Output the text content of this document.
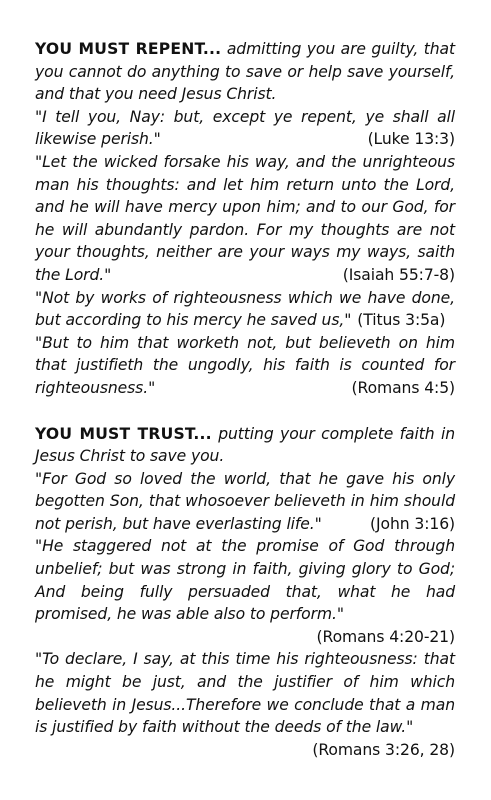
YOU MUST REPENT... admitting you are guilty, that you cannot do anything to save or help save yourself, and that you need Jesus Christ.

"I tell you, Nay: but, except ye repent, ye shall all likewise perish."	(Luke 13:3)

"Let the wicked forsake his way, and the unrighteous man his thoughts: and let him return unto the Lord, and he will have mercy upon him; and to our God, for he will abundantly pardon. For my thoughts are not your thoughts, neither are your ways my ways, saith the Lord."	(Isaiah 55:7-8)

"Not by works of righteousness which we have done, but according to his mercy he saved us," (Titus 3:5a)

"But to him that worketh not, but believeth on him that justifieth the ungodly, his faith is counted for righteousness."	(Romans 4:5)

YOU MUST TRUST... putting your complete faith in Jesus Christ to save you.

"For God so loved the world, that he gave his only begotten Son, that whosoever believeth in him should not perish, but have everlasting life."	(John 3:16)

"He staggered not at the promise of God through unbelief; but was strong in faith, giving glory to God; And being fully persuaded that, what he had promised, he was able also to perform."
(Romans 4:20-21)

"To declare, I say, at this time his righteousness: that he might be just, and the justifier of him which believeth in Jesus...Therefore we conclude that a man is justified by faith without the deeds of the law."
(Romans 3:26, 28)
